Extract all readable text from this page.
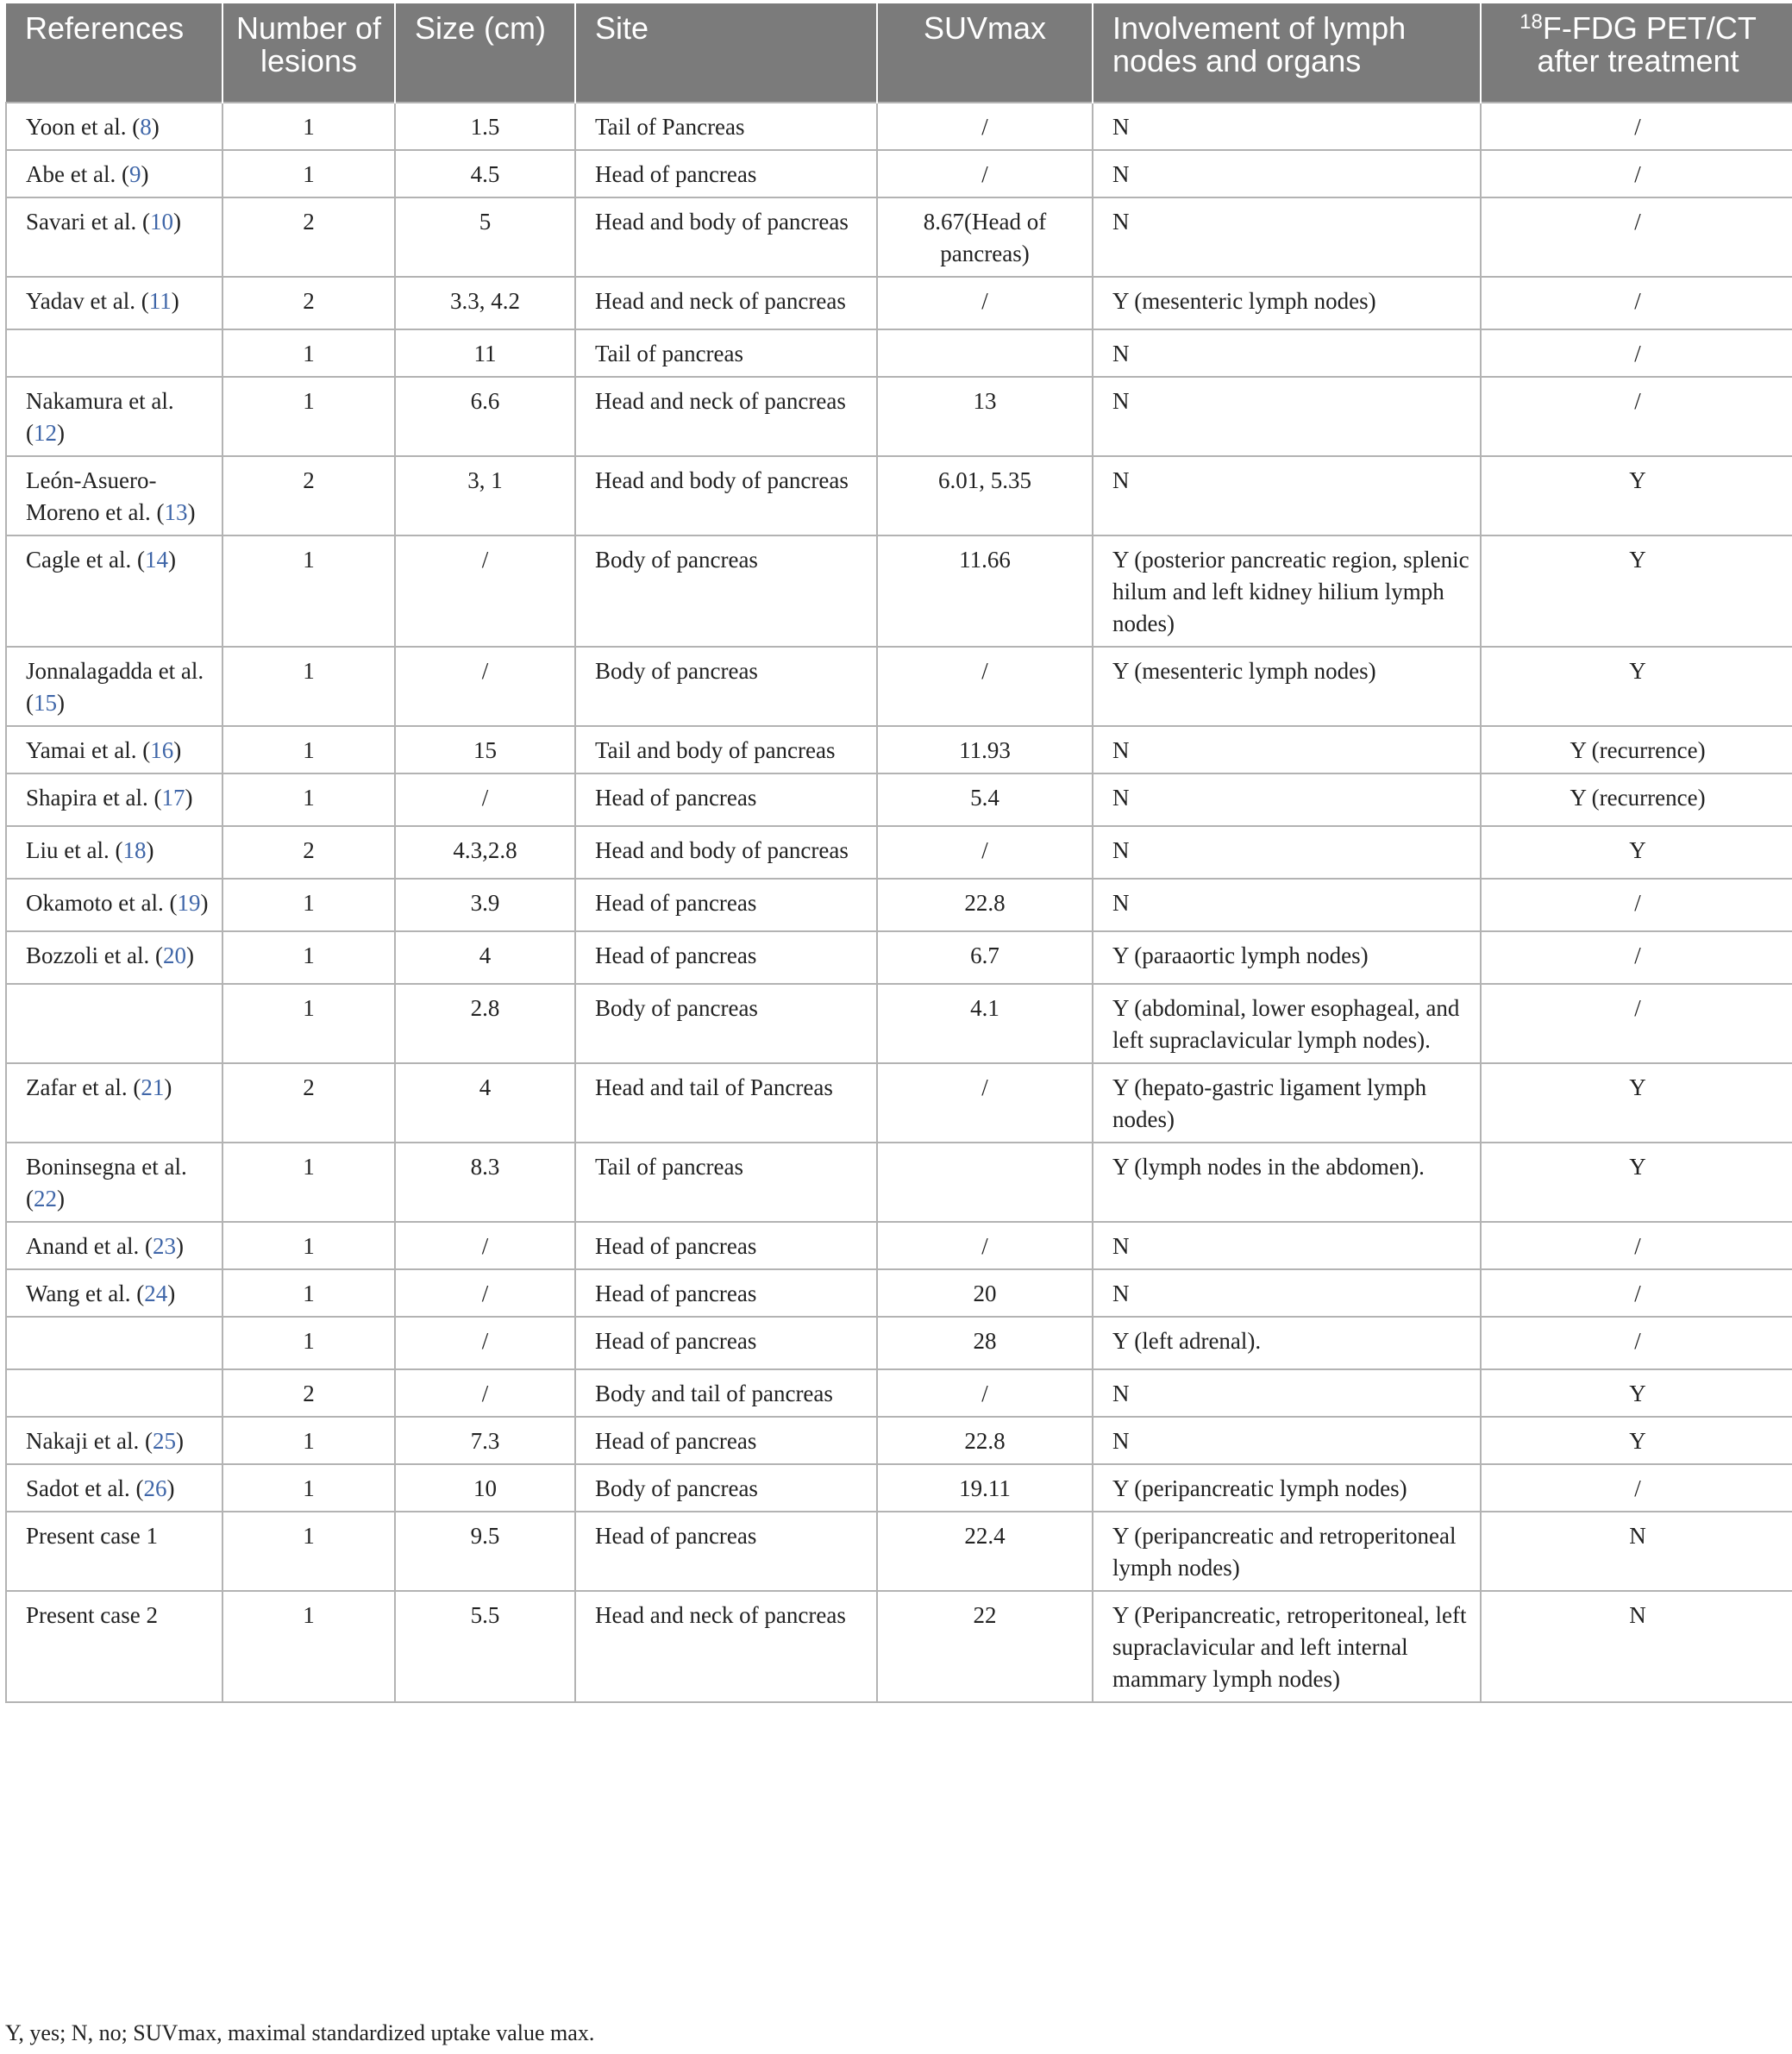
References	Number of lesions	Size (cm)	Site	SUVmax	Involvement of lymph nodes and organs	$^{18}$F-FDG PET/CT after treatment
Yoon et al. (8)	1	1.5	Tail of Pancreas	/	N	/
Abe et al. (9)	1	4.5	Head of pancreas	/	N	/
Savari et al. (10)	2	5	Head and body of pancreas	8.67(Head of pancreas)	N	/
Yadav et al. (11)	2	3.3, 4.2	Head and neck of pancreas	/	Y (mesenteric lymph nodes)	/
	1	11	Tail of pancreas		N	/
Nakamura et al. (12)	1	6.6	Head and neck of pancreas	13	N	/
León-Asuero-Moreno et al. (13)	2	3, 1	Head and body of pancreas	6.01, 5.35	N	Y
Cagle et al. (14)	1	/	Body of pancreas	11.66	Y (posterior pancreatic region, splenic hilum and left kidney hilium lymph nodes)	Y
Jonnalagadda et al. (15)	1	/	Body of pancreas	/	Y (mesenteric lymph nodes)	Y
Yamai et al. (16)	1	15	Tail and body of pancreas	11.93	N	Y (recurrence)
Shapira et al. (17)	1	/	Head of pancreas	5.4	N	Y (recurrence)
Liu et al. (18)	2	4.3,2.8	Head and body of pancreas	/	N	Y
Okamoto et al. (19)	1	3.9	Head of pancreas	22.8	N	/
Bozzoli et al. (20)	1	4	Head of pancreas	6.7	Y (paraaortic lymph nodes)	/
	1	2.8	Body of pancreas	4.1	Y (abdominal, lower esophageal, and left supraclavicular lymph nodes).	/
Zafar et al. (21)	2	4	Head and tail of Pancreas	/	Y (hepato-gastric ligament lymph nodes)	Y
Boninsegna et al. (22)	1	8.3	Tail of pancreas		Y (lymph nodes in the abdomen).	Y
Anand et al. (23)	1	/	Head of pancreas	/	N	/
Wang et al. (24)	1	/	Head of pancreas	20	N	/
	1	/	Head of pancreas	28	Y (left adrenal).	/
	2	/	Body and tail of pancreas	/	N	Y
Nakaji et al. (25)	1	7.3	Head of pancreas	22.8	N	Y
Sadot et al. (26)	1	10	Body of pancreas	19.11	Y (peripancreatic lymph nodes)	/
Present case 1	1	9.5	Head of pancreas	22.4	Y (peripancreatic and retroperitoneal lymph nodes)	N
Present case 2	1	5.5	Head and neck of pancreas	22	Y (Peripancreatic, retroperitoneal, left supraclavicular and left internal mammary lymph nodes)	N
Y, yes; N, no; SUVmax, maximal standardized uptake value max.
